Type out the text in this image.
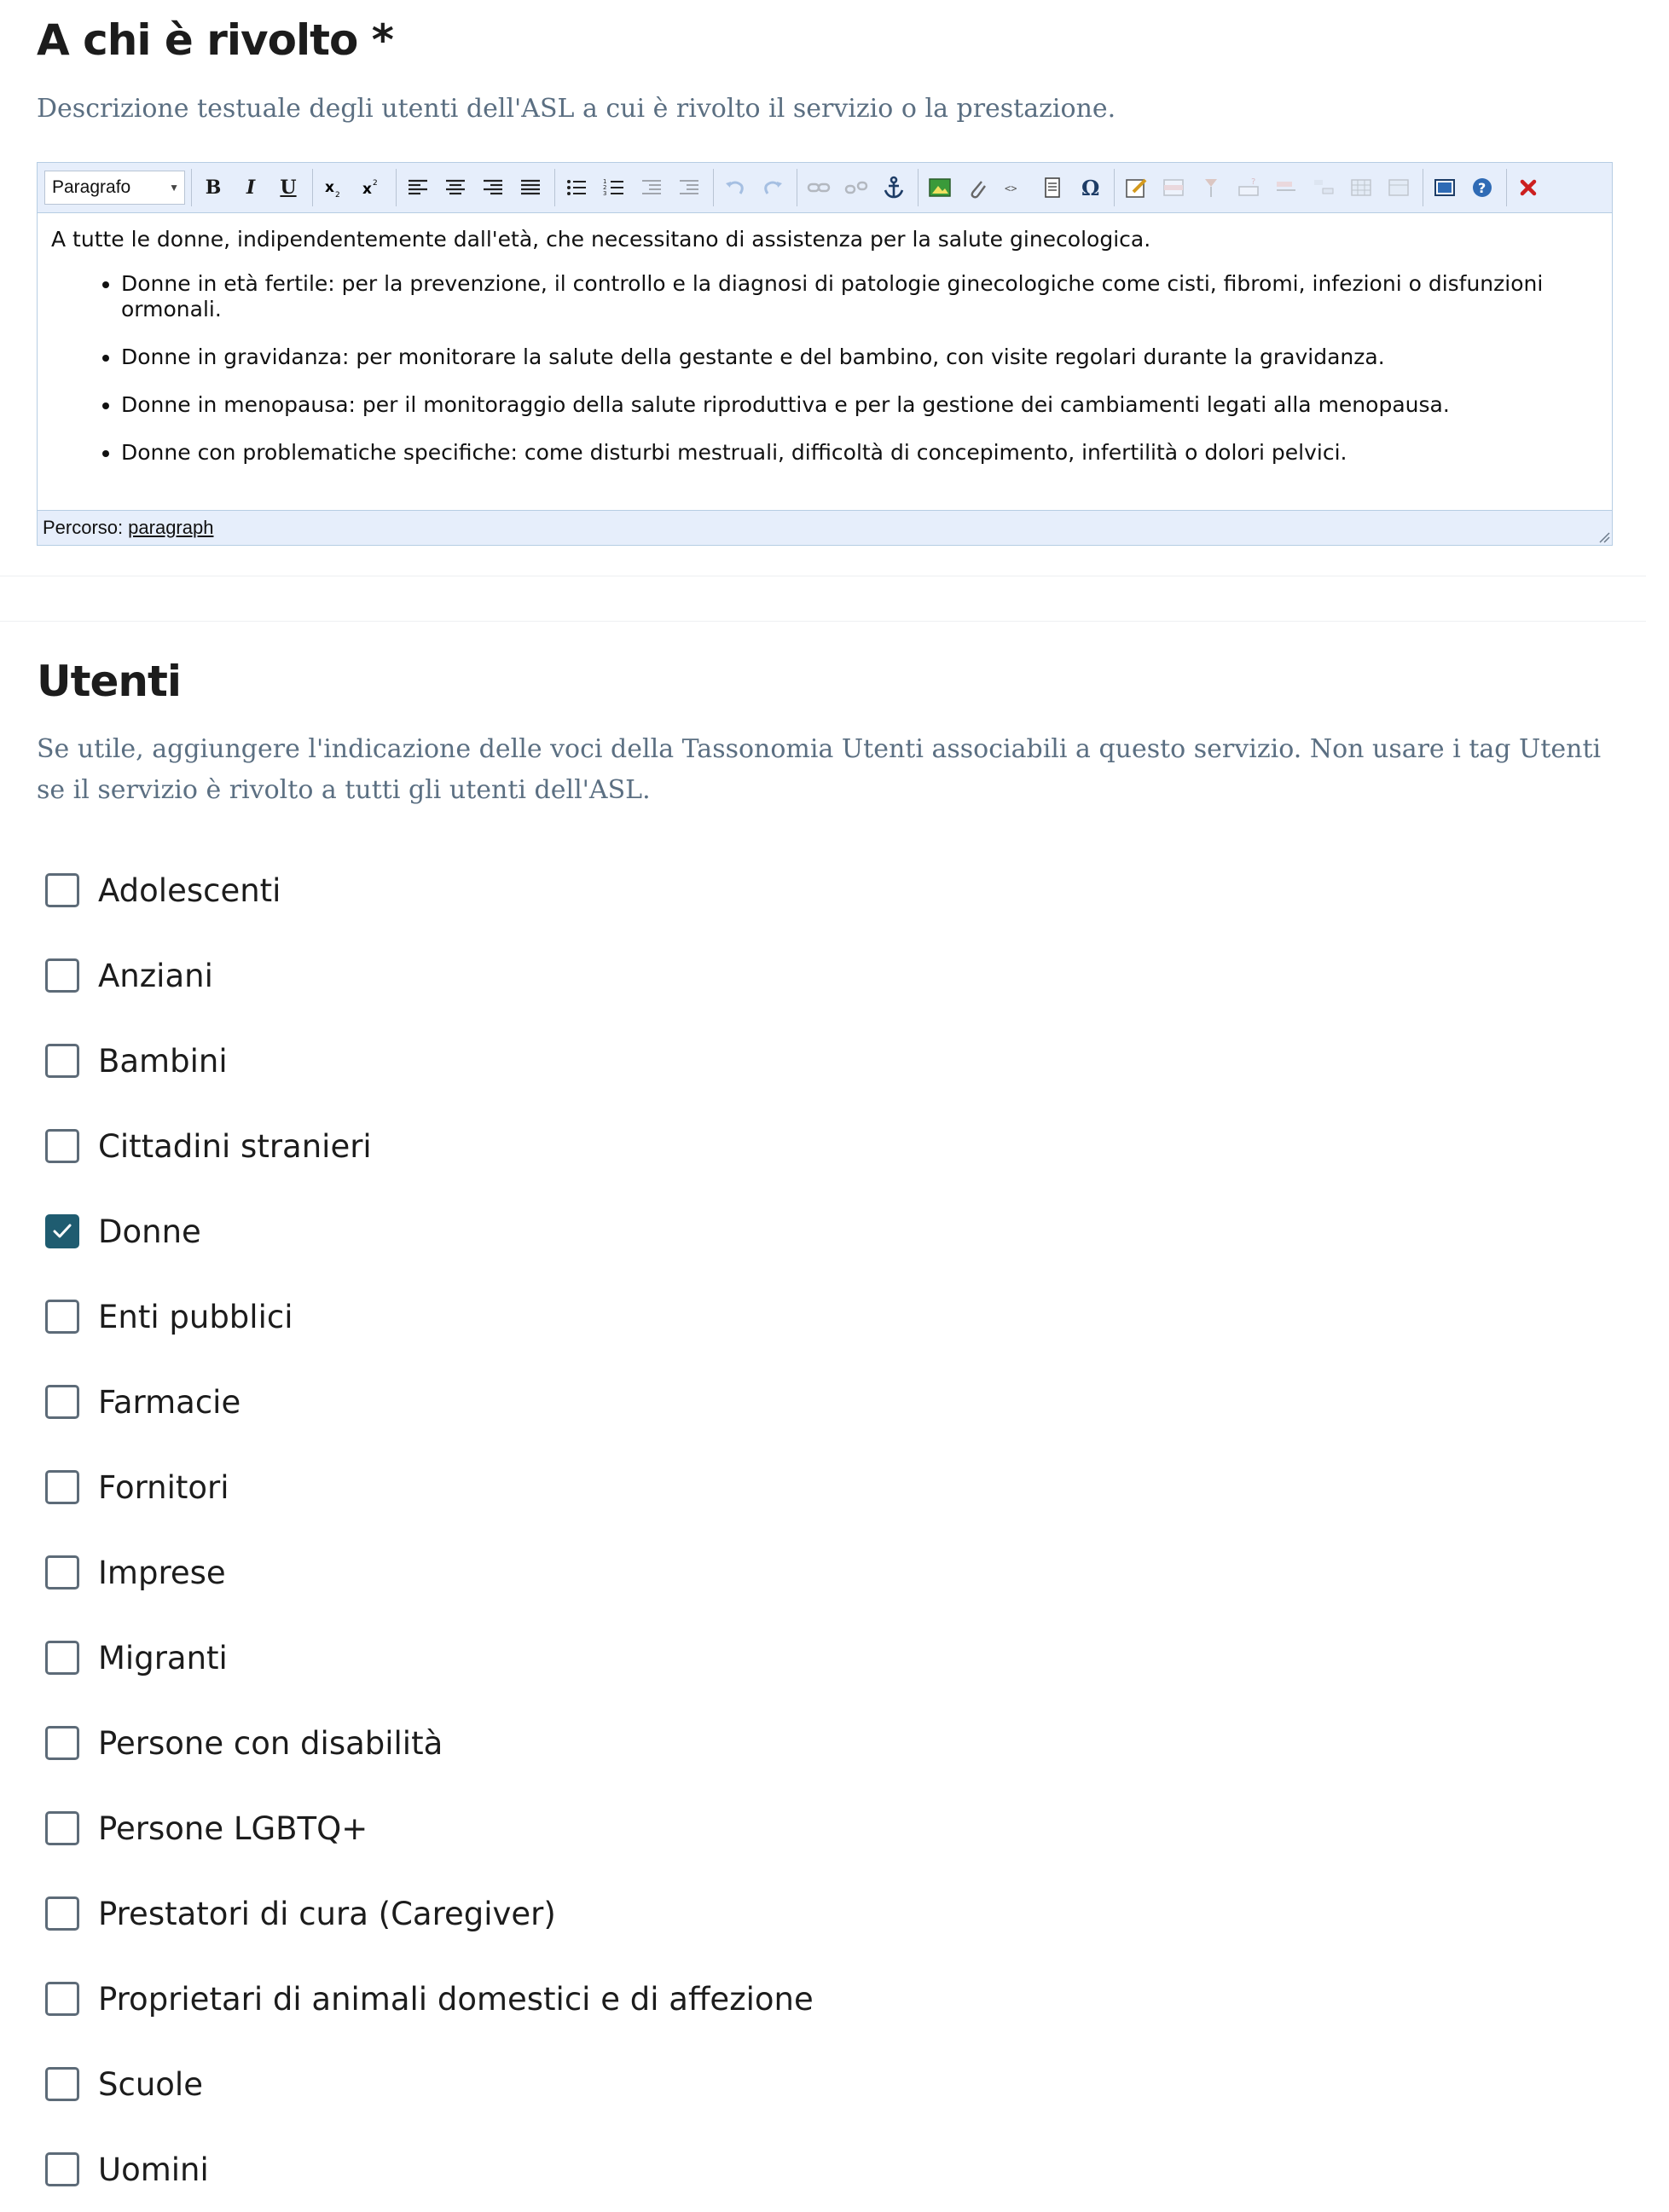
A chi è rivolto *

Descrizione testuale degli utenti dell'ASL a cui è rivolto il servizio o la prestazione.

Paragrafo	▼	B	I	U	x 2 x 2	1
2
3	<>	Ω	?	?

A tutte le donne, indipendentemente dall'età, che necessitano di assistenza per la salute ginecologica.

• Donne in età fertile: per la prevenzione, il controllo e la diagnosi di patologie ginecologiche come cisti, fibromi, infezioni o disfunzioni ormonali.
• Donne in gravidanza: per monitorare la salute della gestante e del bambino, con visite regolari durante la gravidanza.
• Donne in menopausa: per il monitoraggio della salute riproduttiva e per la gestione dei cambiamenti legati alla menopausa.
• Donne con problematiche specifiche: come disturbi mestruali, difficoltà di concepimento, infertilità o dolori pelvici.
Percorso: paragraph
Utenti

Se utile, aggiungere l'indicazione delle voci della Tassonomia Utenti associabili a questo servizio. Non usare i tag Utenti se il servizio è rivolto a tutti gli utenti dell'ASL.

Adolescenti
Anziani
Bambini
Cittadini stranieri
Donne
Enti pubblici
Farmacie
Fornitori
Imprese
Migranti
Persone con disabilità
Persone LGBTQ+
Prestatori di cura (Caregiver)
Proprietari di animali domestici e di affezione
Scuole
Uomini
